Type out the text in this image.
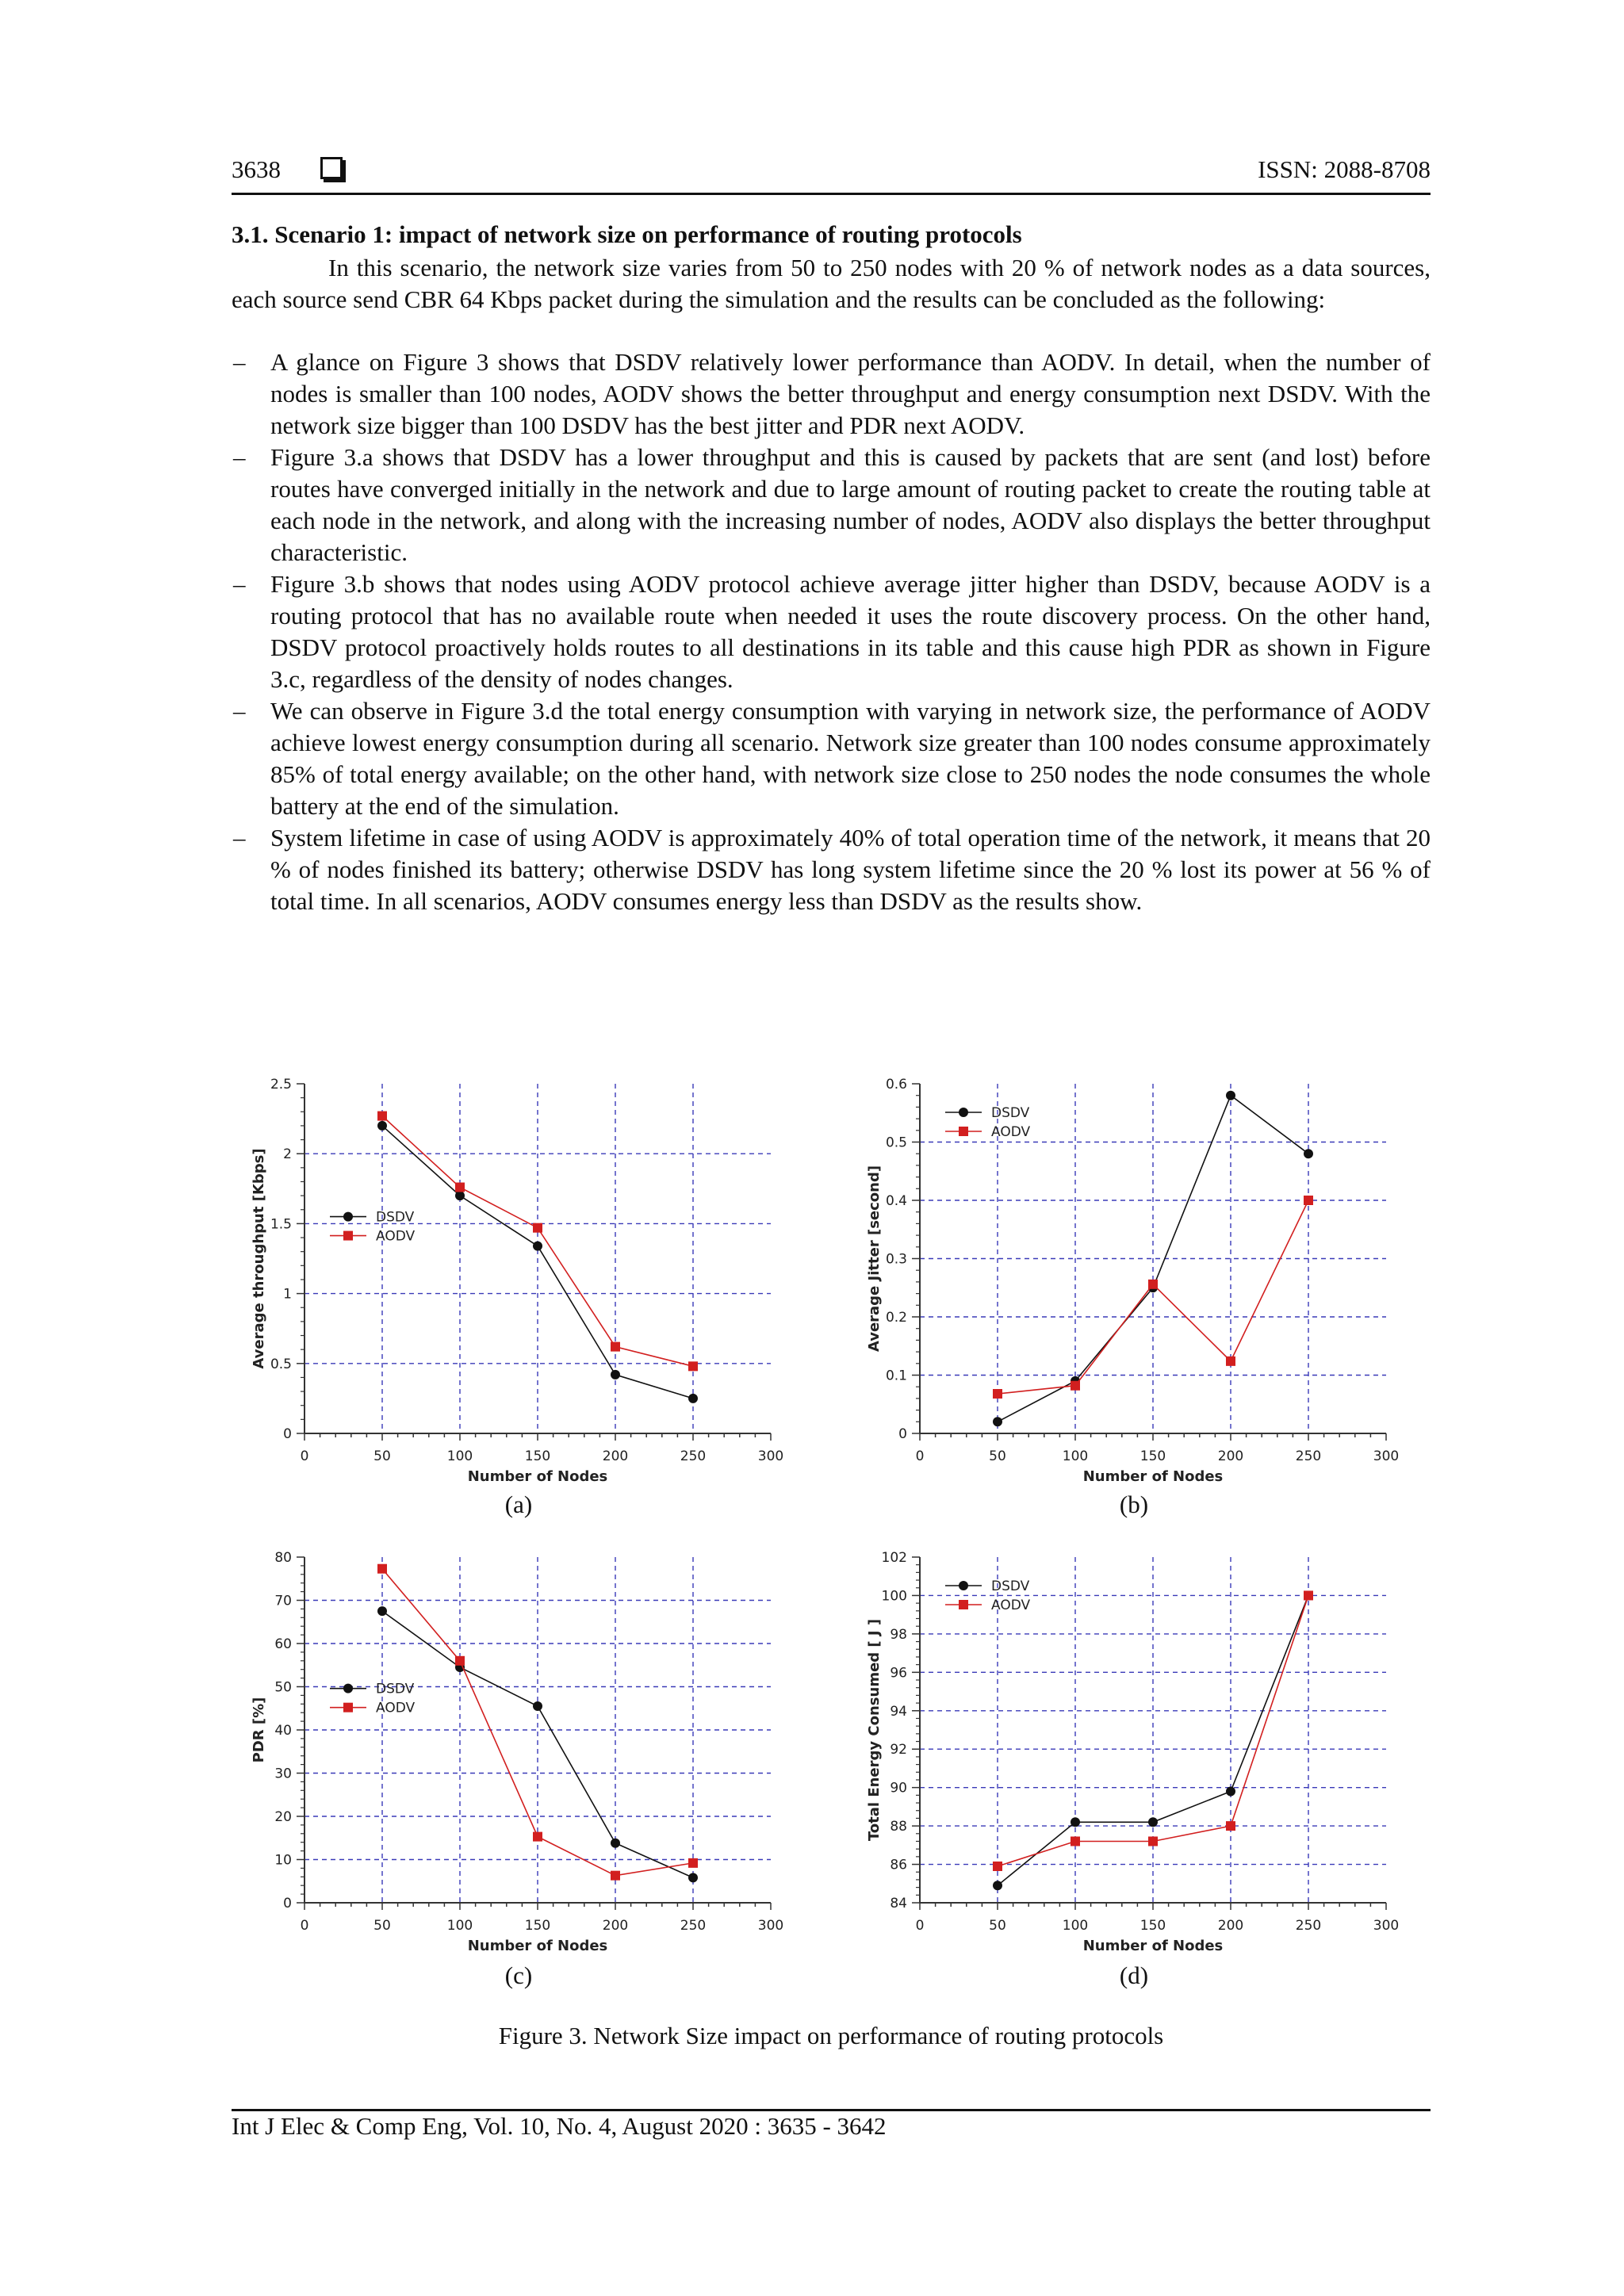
3638	ISSN: 2088-8708
3.1. Scenario 1: impact of network size on performance of routing protocols
In this scenario, the network size varies from 50 to 250 nodes with 20 % of network nodes as a data sources, each source send CBR 64 Kbps packet during the simulation and the results can be concluded as the following:
– A glance on Figure 3 shows that DSDV relatively lower performance than AODV. In detail, when the number of nodes is smaller than 100 nodes, AODV shows the better throughput and energy consumption next DSDV. With the network size bigger than 100 DSDV has the best jitter and PDR next AODV.
– Figure 3.a shows that DSDV has a lower throughput and this is caused by packets that are sent (and lost) before routes have converged initially in the network and due to large amount of routing packet to create the routing table at each node in the network, and along with the increasing number of nodes, AODV also displays the better throughput characteristic.
– Figure 3.b shows that nodes using AODV protocol achieve average jitter higher than DSDV, because AODV is a routing protocol that has no available route when needed it uses the route discovery process. On the other hand, DSDV protocol proactively holds routes to all destinations in its table and this cause high PDR as shown in Figure 3.c, regardless of the density of nodes changes.
– We can observe in Figure 3.d the total energy consumption with varying in network size, the performance of AODV achieve lowest energy consumption during all scenario. Network size greater than 100 nodes consume approximately 85% of total energy available; on the other hand, with network size close to 250 nodes the node consumes the whole battery at the end of the simulation.
– System lifetime in case of using AODV is approximately 40% of total operation time of the network, it means that 20 % of nodes finished its battery; otherwise DSDV has long system lifetime since the 20 % lost its power at 56 % of total time. In all scenarios, AODV consumes energy less than DSDV as the results show.
0	50	100	150	200	250	300
0
0.5
1
1.5
2
2.5
Number of Nodes
Average throughput [Kbps]	DSDV
AODV
(a)
0	50	100	150	200	250	300
0
0.1
0.2
0.3
0.4
0.5
0.6
Number of Nodes
Average Jitter [second]
DSDV
AODV
(b)
0	50	100	150	200	250	300
0
10
20
30
40
50
60
70
80
Number of Nodes
PDR [%]
DSDV
AODV
(c)
0	50	100	150	200	250	300
84
86
88
90
92
94
96
98
100
102
Number of Nodes
Total Energy Consumed [ J ]
DSDV
AODV
(d)
Figure 3. Network Size impact on performance of routing protocols
Int J Elec & Comp Eng, Vol. 10, No. 4, August 2020 : 3635 - 3642
